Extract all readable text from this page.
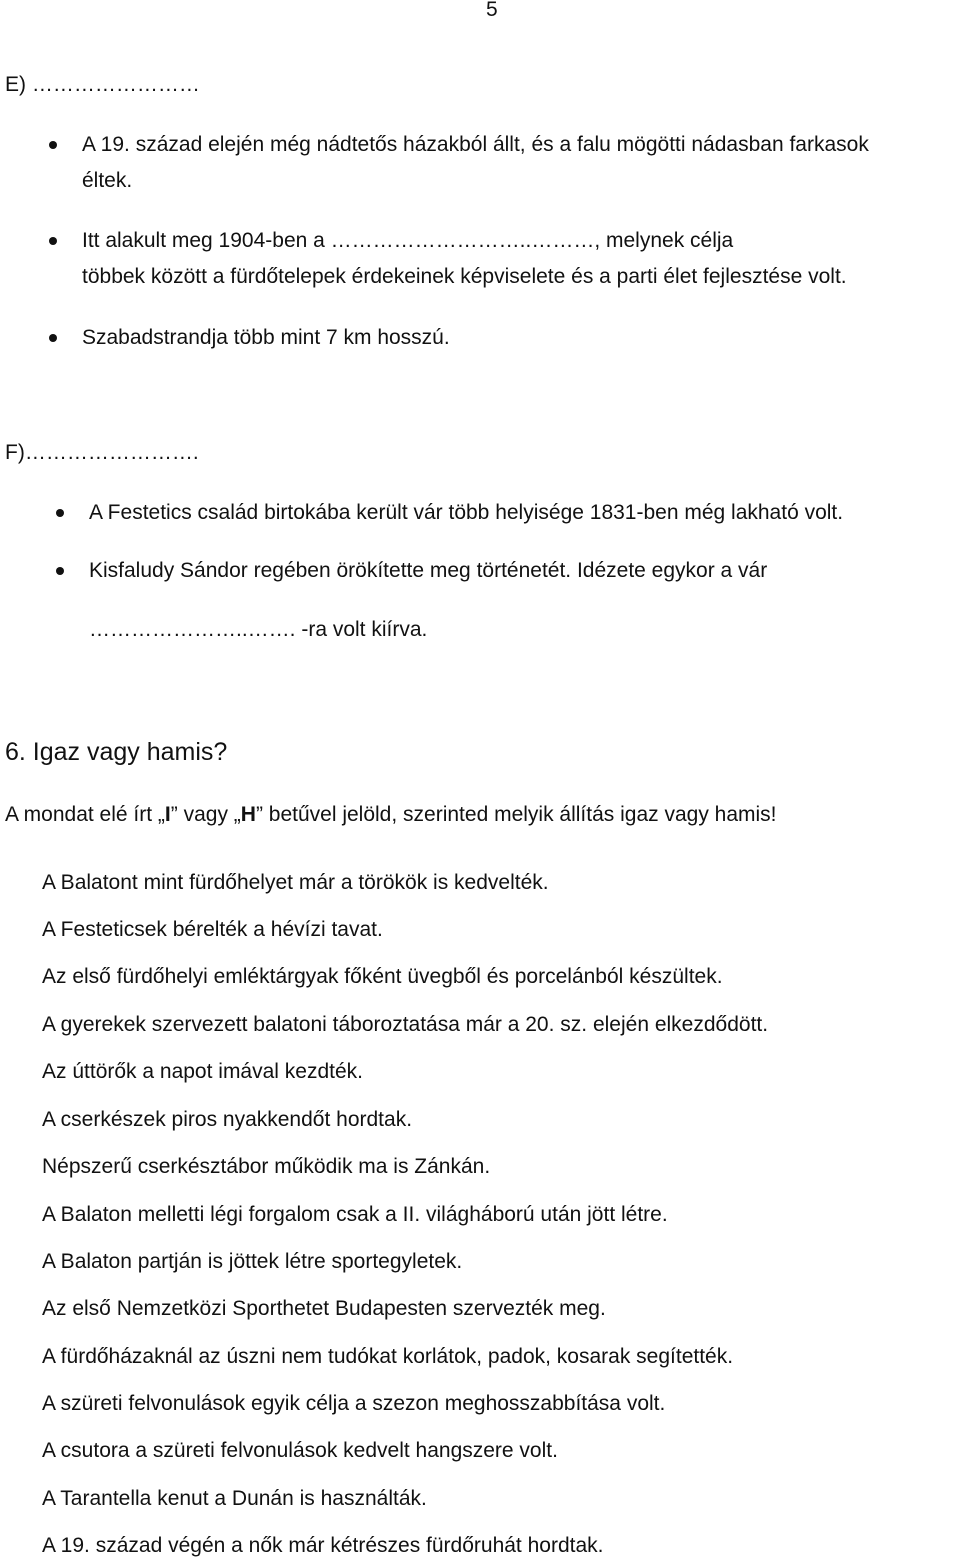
5
E) ……………………
A 19. század elején még nádtetős házakból állt, és a falu mögötti nádasban farkasok
éltek.
Itt alakult meg 1904-ben a ………………………..………, melynek célja
többek között a fürdőtelepek érdekeinek képviselete és a parti élet fejlesztése volt.
Szabadstrandja több mint 7 km hosszú.
F)…………………….
A Festetics család birtokába került vár több helyisége 1831-ben még lakható volt.
Kisfaludy Sándor regében örökítette meg történetét. Idézete egykor a vár
…………………..……. -ra volt kiírva.
6. Igaz vagy hamis?
A mondat elé írt „I” vagy „H” betűvel jelöld, szerinted melyik állítás igaz vagy hamis!
A Balatont mint fürdőhelyet már a törökök is kedvelték.
A Festeticsek bérelték a hévízi tavat.
Az első fürdőhelyi emléktárgyak főként üvegből és porcelánból készültek.
A gyerekek szervezett balatoni táboroztatása már a 20. sz. elején elkezdődött.
Az úttörők a napot imával kezdték.
A cserkészek piros nyakkendőt hordtak.
Népszerű cserkésztábor működik ma is Zánkán.
A Balaton melletti légi forgalom csak a II. világháború után jött létre.
A Balaton partján is jöttek létre sportegyletek.
Az első Nemzetközi Sporthetet Budapesten szervezték meg.
A fürdőházaknál az úszni nem tudókat korlátok, padok, kosarak segítették.
A szüreti felvonulások egyik célja a szezon meghosszabbítása volt.
A csutora a szüreti felvonulások kedvelt hangszere volt.
A Tarantella kenut a Dunán is használták.
A 19. század végén a nők már kétrészes fürdőruhát hordtak.
